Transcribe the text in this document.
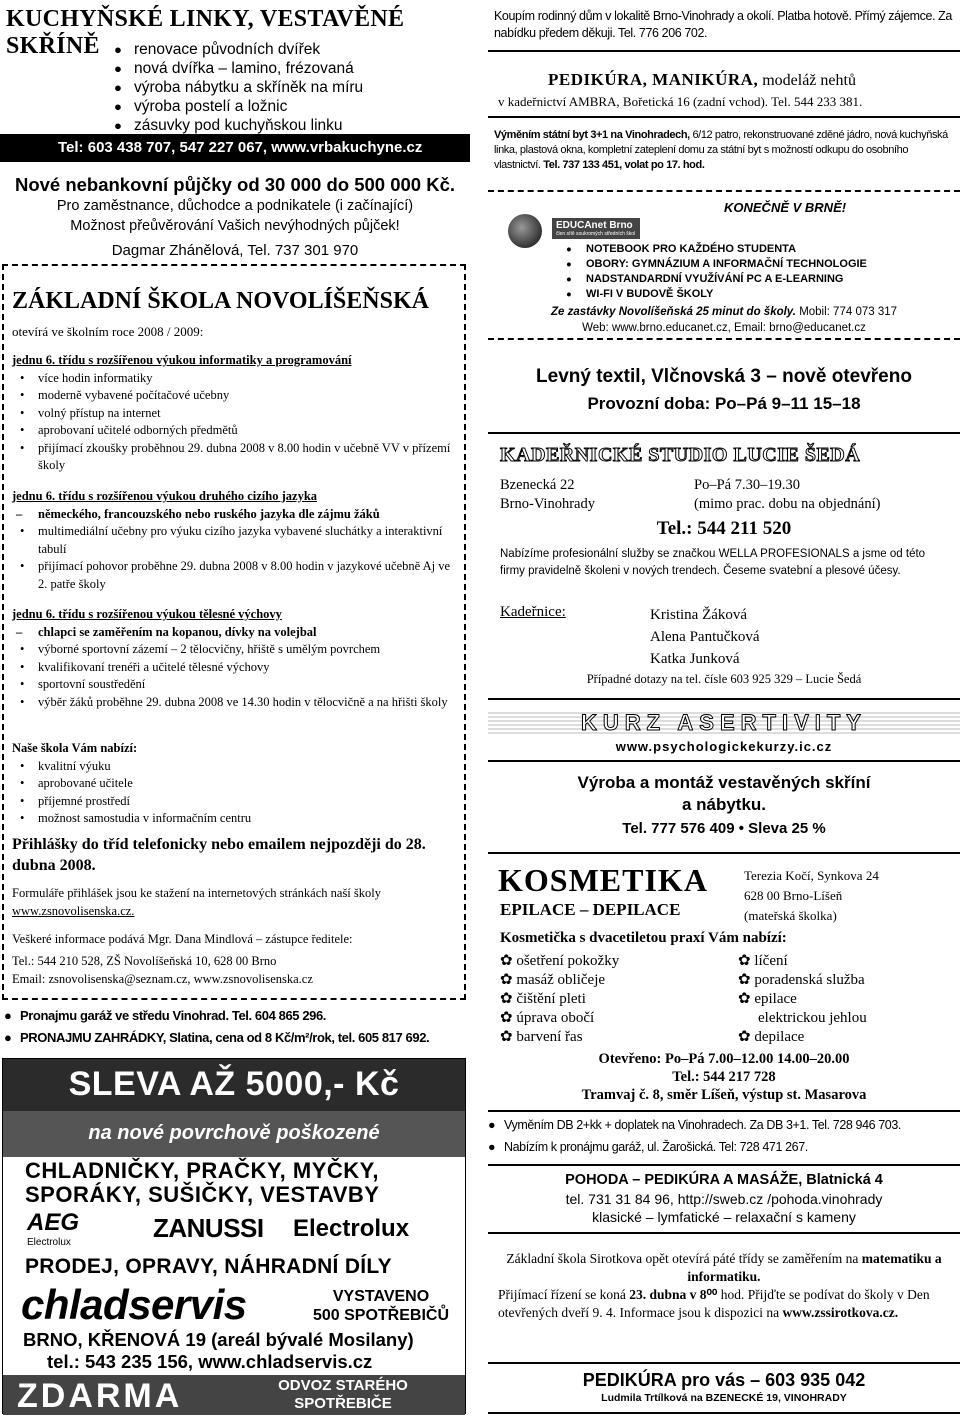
KUCHYŇSKÉ LINKY, VESTAVĚNÉ SKŘÍNĚ
●	renovace původních dvířek
● nová dvířka – lamino, frézovaná
● výroba nábytku a skříněk na míru
● výroba postelí a ložnic
● zásuvky pod kuchyňskou linku
Tel: 603 438 707, 547 227 067, www.vrbakuchyne.cz
Nové nebankovní půjčky od 30 000 do 500 000 Kč.
Pro zaměstnance, důchodce a podnikatele (i začínající)
Možnost přeůvěrování Vašich nevýhodných půjček!
Dagmar Zhánělová, Tel. 737 301 970
ZÁKLADNÍ ŠKOLA NOVOLÍŠEŇSKÁ
otevírá ve školním roce 2008 / 2009:
jednu 6. třídu s rozšířenou výukou informatiky a programování
• více hodin informatiky
• moderně vybavené počítačové učebny
• volný přístup na internet
• aprobovaní učitelé odborných předmětů
• přijímací zkoušky proběhnou 29. dubna 2008 v 8.00 hodin v učebně VV v přízemí školy
jednu 6. třídu s rozšířenou výukou druhého cizího jazyka
– německého, francouzského nebo ruského jazyka dle zájmu žáků
• multimediální učebny pro výuku cizího jazyka vybavené sluchátky a interaktivní tabulí
• přijímací pohovor proběhne 29. dubna 2008 v 8.00 hodin v jazykové učebně Aj ve 2. patře školy
jednu 6. třídu s rozšířenou výukou tělesné výchovy
– chlapci se zaměřením na kopanou, dívky na volejbal
• výborné sportovní zázemí – 2 tělocvičny, hřiště s umělým povrchem
• kvalifikovaní trenéři a učitelé tělesné výchovy
• sportovní soustředění
• výběr žáků proběhne 29. dubna 2008 ve 14.30 hodin v tělocvičně a na hřišti školy
Naše škola Vám nabízí:
• kvalitní výuku
• aprobované učitele
• příjemné prostředí
• možnost samostudia v informačním centru
Přihlášky do tříd telefonicky nebo emailem nejpozději do 28. dubna 2008.
Formuláře přihlášek jsou ke stažení na internetových stránkách naší školy
www.zsnovolisenska.cz.
Veškeré informace podává Mgr. Dana Mindlová – zástupce ředitele:
Tel.: 544 210 528, ZŠ Novolíšeňská 10, 628 00 Brno
Email: zsnovolisenska@seznam.cz, www.zsnovolisenska.cz
● Pronajmu garáž ve středu Vinohrad. Tel. 604 865 296.
● PRONAJMU ZAHRÁDKY, Slatina, cena od 8 Kč/m²/rok, tel. 605 817 692.
SLEVA AŽ 5000,- Kč
na nové povrchově poškozené
CHLADNIČKY, PRAČKY, MYČKY,
SPORÁKY, SUŠIČKY, VESTAVBY
AEG
Electrolux	ZANUSSI Electrolux
PRODEJ, OPRAVY, NÁHRADNÍ DÍLY
chladservis	VYSTAVENO
500 SPOTŘEBIČŮ
BRNO, KŘENOVÁ 19 (areál bývalé Mosilany)
tel.: 543 235 156, www.chladservis.cz
ZDARMA	ODVOZ STARÉHO
SPOTŘEBIČE
Koupím rodinný dům v lokalitě Brno-Vinohrady a okolí. Platba hotově. Přímý zájemce. Za nabídku předem děkuji. Tel. 776 206 702.
PEDIKÚRA, MANIKÚRA, modeláž nehtů
v kadeřnictví AMBRA, Bořetická 16 (zadní vchod). Tel. 544 233 381.
Výměním státní byt 3+1 na Vinohradech, 6/12 patro, rekonstruované zděné jádro, nová kuchyňská linka, plastová okna, kompletní zateplení domu za státní byt s možností odkupu do osobního vlastnictví. Tel. 737 133 451, volat po 17. hod.
KONEČNĚ V BRNĚ!
EDUCAnet Brno
člen sítě soukromých středních škol
● NOTEBOOK PRO KAŽDÉHO STUDENTA
● OBORY: GYMNÁZIUM A INFORMAČNÍ TECHNOLOGIE
● NADSTANDARDNÍ VYUŽÍVÁNÍ PC A E-LEARNING
● WI-FI V BUDOVĚ ŠKOLY
Ze zastávky Novolíšeňská 25 minut do školy. Mobil: 774 073 317
Web: www.brno.educanet.cz, Email: brno@educanet.cz
Levný textil, Vlčnovská 3 – nově otevřeno
Provozní doba: Po–Pá 9–11 15–18
KADEŘNICKÉ STUDIO LUCIE ŠEDÁ
Bzenecká 22
Brno-Vinohrady
Po–Pá 7.30–19.30
(mimo prac. dobu na objednání)
Tel.: 544 211 520
Nabízíme profesionální služby se značkou WELLA PROFESIONALS a jsme od této firmy pravidelně školeni v nových trendech. Česeme svatební a plesové účesy.
Kadeřnice:	Kristina Žáková
Alena Pantučková
Katka Junková
Případné dotazy na tel. čísle 603 925 329 – Lucie Šedá
KURZ ASERTIVITY
www.psychologickekurzy.ic.cz
Výroba a montáž vestavěných skříní
a nábytku.
Tel. 777 576 409 • Sleva 25 %
KOSMETIKA
EPILACE – DEPILACE
Terezia Kočí, Synkova 24
628 00 Brno-Líšeň
(mateřská školka)
Kosmetička s dvacetiletou praxí Vám nabízí:
✿ ošetření pokožky
✿ masáž obličeje
✿ čištění pleti
✿ úprava obočí
✿ barvení řas
✿ líčení
✿ poradenská služba
✿ epilace
elektrickou jehlou
✿ depilace
Otevřeno: Po–Pá 7.00–12.00 14.00–20.00
Tel.: 544 217 728
Tramvaj č. 8, směr Líšeň, výstup st. Masarova
● Vyměním DB 2+kk + doplatek na Vinohradech. Za DB 3+1. Tel. 728 946 703.
● Nabízím k pronájmu garáž, ul. Žarošická. Tel: 728 471 267.
POHODA – PEDIKÚRA A MASÁŽE, Blatnická 4
tel. 731 31 84 96, http://sweb.cz /pohoda.vinohrady
klasické – lymfatické – relaxační s kameny
Základní škola Sirotkova opět otevírá páté třídy se zaměřením na matematiku a informatiku.
Přijímací řízení se koná 23. dubna v 8⁰⁰ hod. Přijďte se podívat do školy v Den otevřených dveří 9. 4. Informace jsou k dispozici na www.zssirotkova.cz.
PEDIKÚRA pro vás – 603 935 042
Ludmila Trtílková na BZENECKÉ 19, VINOHRADY
